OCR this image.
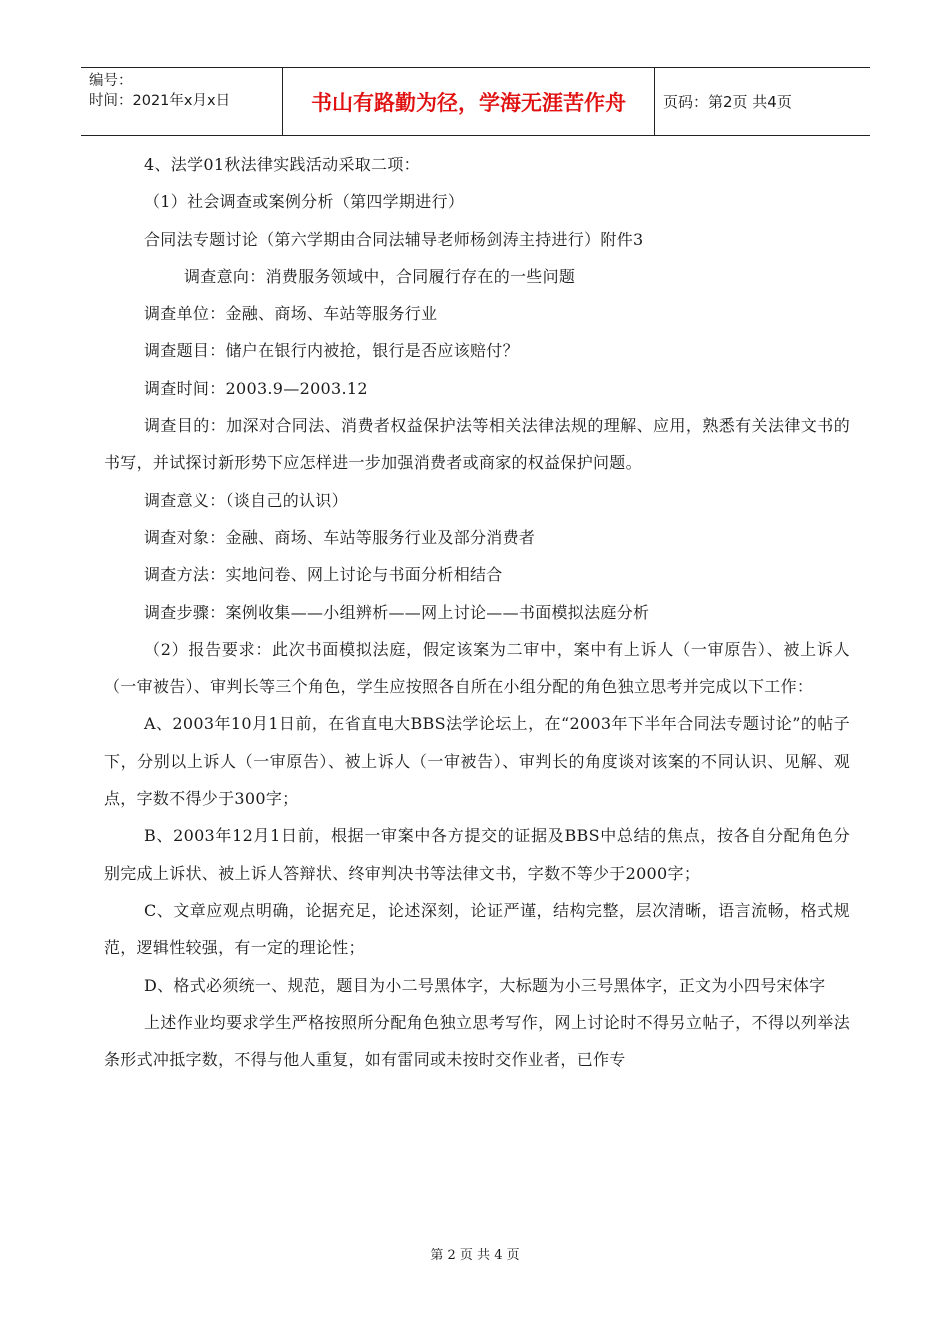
编号：
时间：2021年x月x日	书山有路勤为径，学海无涯苦作舟	页码：第2页 共4页

4、法学01秋法律实践活动采取二项：

（1）社会调查或案例分析（第四学期进行）

合同法专题讨论（第六学期由合同法辅导老师杨剑涛主持进行）附件3

调查意向：消费服务领域中，合同履行存在的一些问题

调查单位：金融、商场、车站等服务行业

调查题目：储户在银行内被抢，银行是否应该赔付？

调查时间：2003.9—2003.12

调查目的：加深对合同法、消费者权益保护法等相关法律法规的理解、应用，熟悉有关法律文书的书写，并试探讨新形势下应怎样进一步加强消费者或商家的权益保护问题。

调查意义：（谈自己的认识）

调查对象：金融、商场、车站等服务行业及部分消费者

调查方法：实地问卷、网上讨论与书面分析相结合

调查步骤：案例收集——小组辨析——网上讨论——书面模拟法庭分析

（2）报告要求：此次书面模拟法庭，假定该案为二审中，案中有上诉人（一审原告）、被上诉人（一审被告）、审判长等三个角色，学生应按照各自所在小组分配的角色独立思考并完成以下工作：

A、2003年10月1日前，在省直电大BBS法学论坛上，在“2003年下半年合同法专题讨论”的帖子下，分别以上诉人（一审原告）、被上诉人（一审被告）、审判长的角度谈对该案的不同认识、见解、观点，字数不得少于300字；

B、2003年12月1日前，根据一审案中各方提交的证据及BBS中总结的焦点，按各自分配角色分别完成上诉状、被上诉人答辩状、终审判决书等法律文书，字数不等少于2000字；

C、文章应观点明确，论据充足，论述深刻，论证严谨，结构完整，层次清晰，语言流畅，格式规范，逻辑性较强，有一定的理论性；

D、格式必须统一、规范，题目为小二号黑体字，大标题为小三号黑体字，正文为小四号宋体字

上述作业均要求学生严格按照所分配角色独立思考写作，网上讨论时不得另立帖子，不得以列举法条形式冲抵字数，不得与他人重复，如有雷同或未按时交作业者，已作专

第 2 页 共 4 页
